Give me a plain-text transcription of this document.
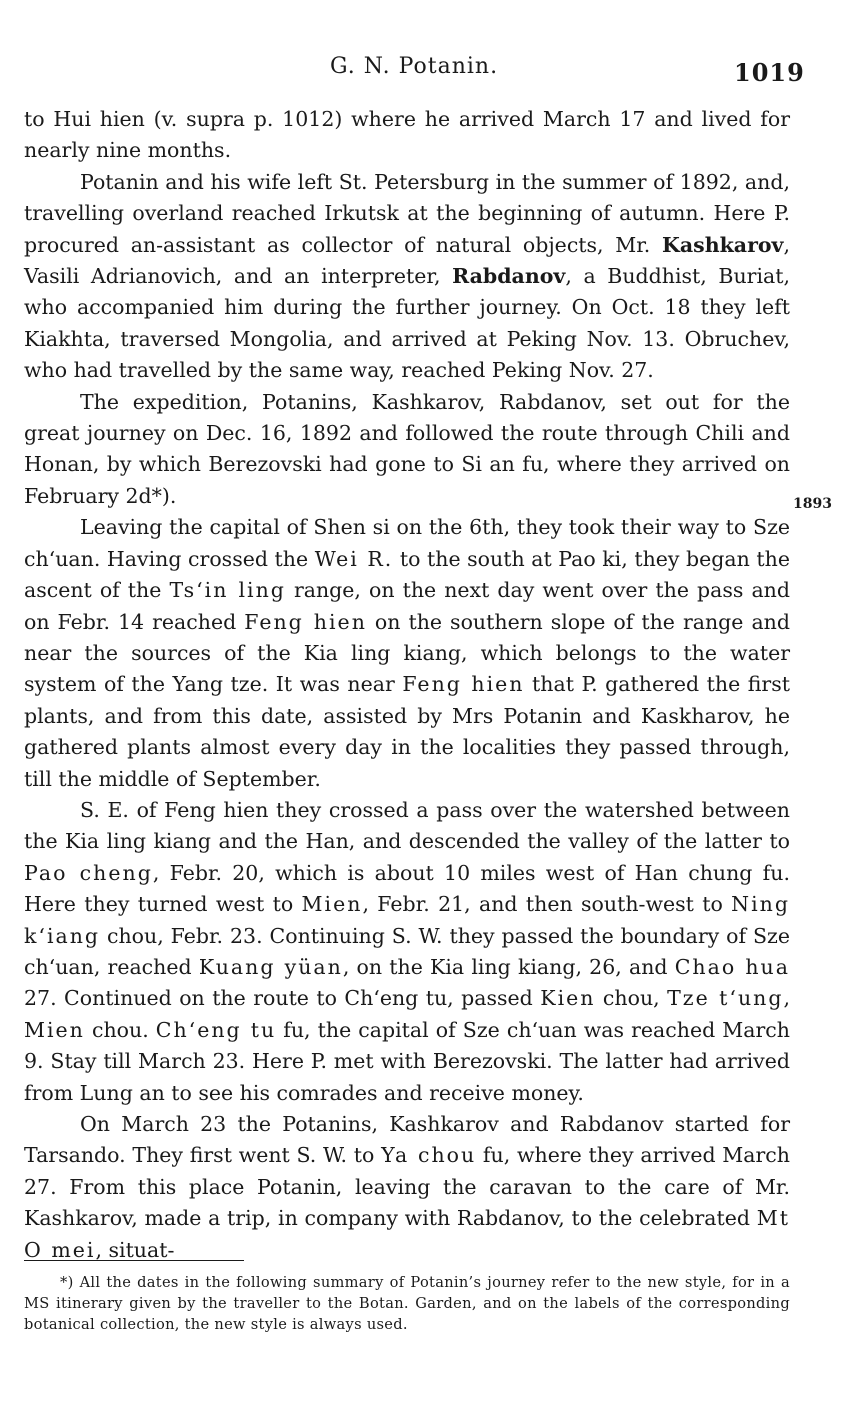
G. N. Potanin.	1019
1893

to Hui hien (v. supra p. 1012) where he arrived March 17 and lived for nearly nine months.

Potanin and his wife left St. Petersburg in the summer of 1892, and, travelling overland reached Irkutsk at the beginning of autumn. Here P. procured an-assistant as collector of natural objects, Mr. Kashkarov, Vasili Adrianovich, and an interpreter, Rabdanov, a Buddhist, Buriat, who accompanied him during the further journey. On Oct. 18 they left Kiakhta, traversed Mongolia, and arrived at Peking Nov. 13. Obruchev, who had travelled by the same way, reached Peking Nov. 27.

The expedition, Potanins, Kashkarov, Rabdanov, set out for the great journey on Dec. 16, 1892 and followed the route through Chili and Honan, by which Berezovski had gone to Si an fu, where they arrived on February 2d*).

Leaving the capital of Shen si on the 6th, they took their way to Sze ch‘uan. Having crossed the Wei R. to the south at Pao ki, they began the ascent of the Ts‘in ling range, on the next day went over the pass and on Febr. 14 reached Feng hien on the southern slope of the range and near the sources of the Kia ling kiang, which belongs to the water system of the Yang tze. It was near Feng hien that P. gathered the first plants, and from this date, assisted by Mrs Potanin and Kaskharov, he gathered plants almost every day in the localities they passed through, till the middle of September.

S. E. of Feng hien they crossed a pass over the watershed between the Kia ling kiang and the Han, and descended the valley of the latter to Pao cheng, Febr. 20, which is about 10 miles west of Han chung fu. Here they turned west to Mien, Febr. 21, and then south-west to Ning k‘iang chou, Febr. 23. Continuing S. W. they passed the boundary of Sze ch‘uan, reached Kuang yüan, on the Kia ling kiang, 26, and Chao hua 27. Continued on the route to Ch‘eng tu, passed Kien chou, Tze t‘ung, Mien chou. Ch‘eng tu fu, the capital of Sze ch‘uan was reached March 9. Stay till March 23. Here P. met with Berezovski. The latter had arrived from Lung an to see his comrades and receive money.

On March 23 the Potanins, Kashkarov and Rabdanov started for Tarsando. They first went S. W. to Ya chou fu, where they arrived March 27. From this place Potanin, leaving the caravan to the care of Mr. Kashkarov, made a trip, in company with Rabdanov, to the celebrated Mt O mei, situat-

*) All the dates in the following summary of Potanin’s journey refer to the new style, for in a MS itinerary given by the traveller to the Botan. Garden, and on the labels of the corresponding botanical collection, the new style is always used.
